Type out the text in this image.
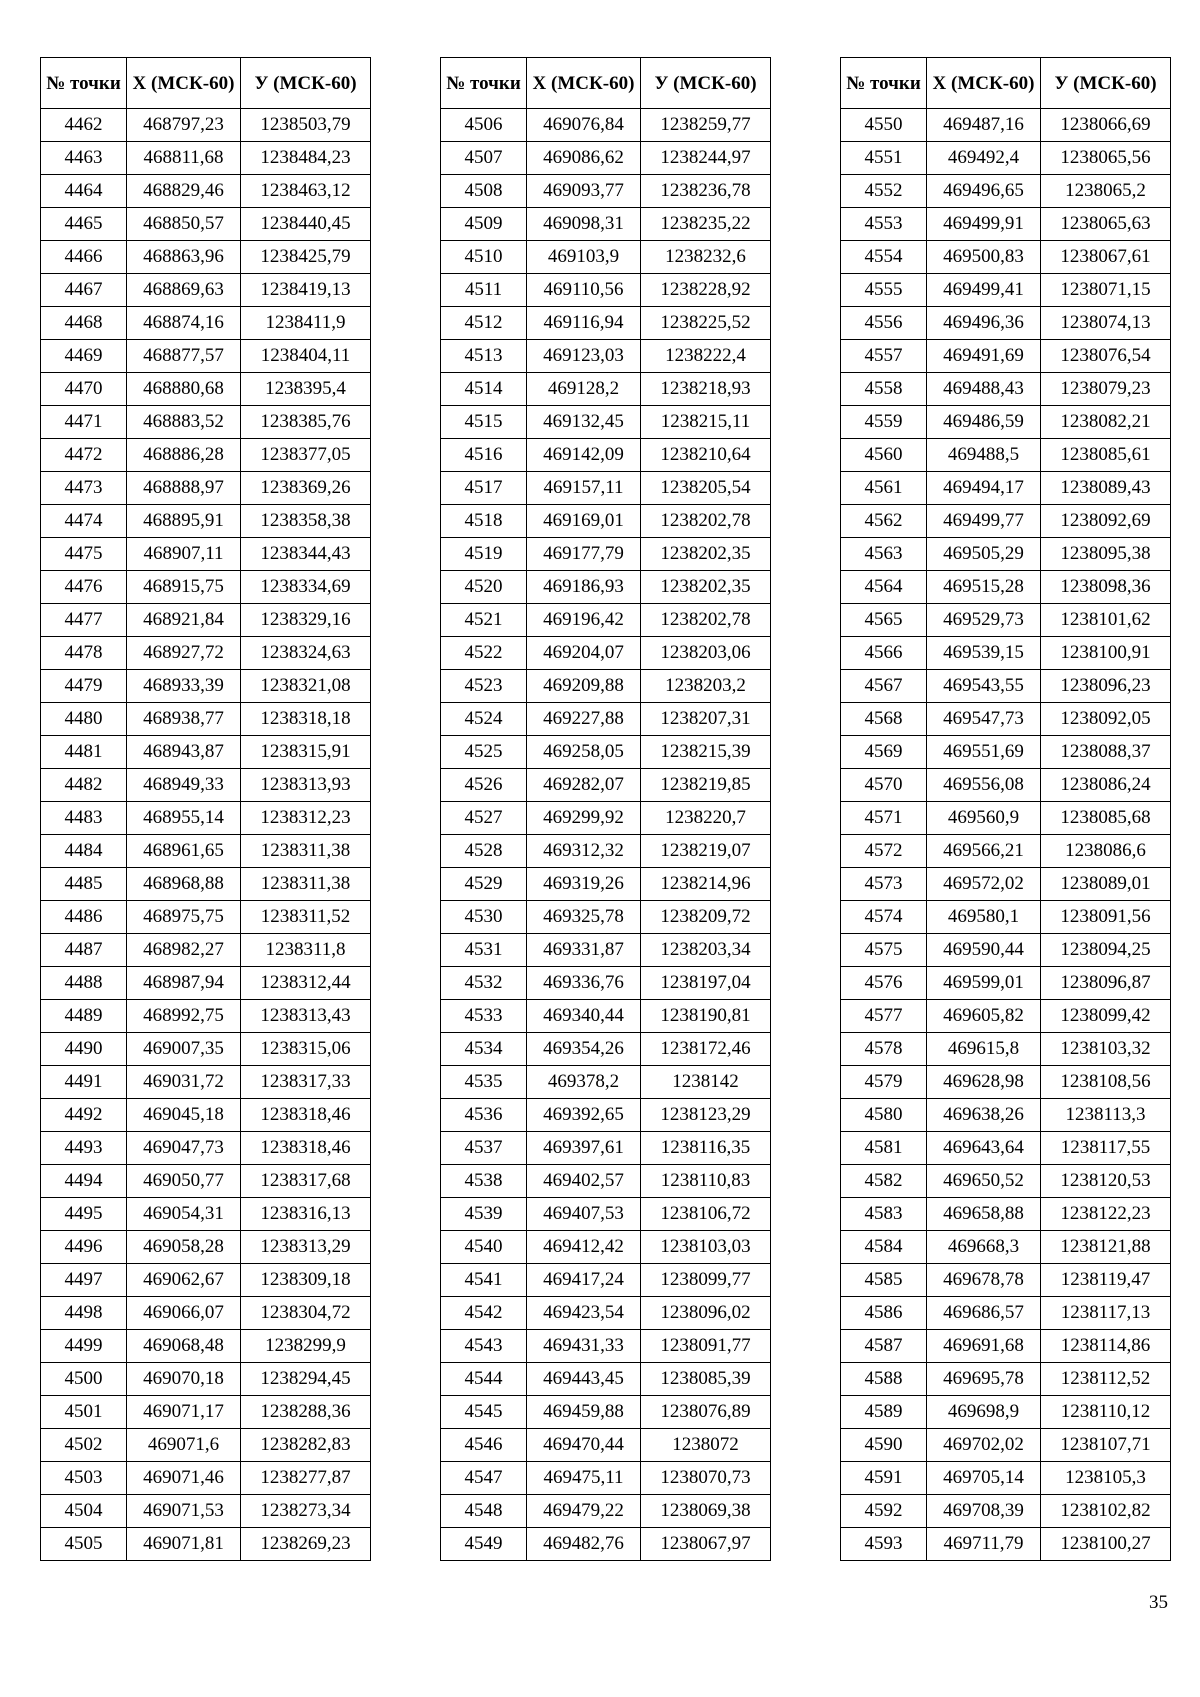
№ точки	X (МСК-60)	У (МСК-60)
4462	468797,23	1238503,79
4463	468811,68	1238484,23
4464	468829,46	1238463,12
4465	468850,57	1238440,45
4466	468863,96	1238425,79
4467	468869,63	1238419,13
4468	468874,16	1238411,9
4469	468877,57	1238404,11
4470	468880,68	1238395,4
4471	468883,52	1238385,76
4472	468886,28	1238377,05
4473	468888,97	1238369,26
4474	468895,91	1238358,38
4475	468907,11	1238344,43
4476	468915,75	1238334,69
4477	468921,84	1238329,16
4478	468927,72	1238324,63
4479	468933,39	1238321,08
4480	468938,77	1238318,18
4481	468943,87	1238315,91
4482	468949,33	1238313,93
4483	468955,14	1238312,23
4484	468961,65	1238311,38
4485	468968,88	1238311,38
4486	468975,75	1238311,52
4487	468982,27	1238311,8
4488	468987,94	1238312,44
4489	468992,75	1238313,43
4490	469007,35	1238315,06
4491	469031,72	1238317,33
4492	469045,18	1238318,46
4493	469047,73	1238318,46
4494	469050,77	1238317,68
4495	469054,31	1238316,13
4496	469058,28	1238313,29
4497	469062,67	1238309,18
4498	469066,07	1238304,72
4499	469068,48	1238299,9
4500	469070,18	1238294,45
4501	469071,17	1238288,36
4502	469071,6	1238282,83
4503	469071,46	1238277,87
4504	469071,53	1238273,34
4505	469071,81	1238269,23
№ точки	X (МСК-60)	У (МСК-60)
4506	469076,84	1238259,77
4507	469086,62	1238244,97
4508	469093,77	1238236,78
4509	469098,31	1238235,22
4510	469103,9	1238232,6
4511	469110,56	1238228,92
4512	469116,94	1238225,52
4513	469123,03	1238222,4
4514	469128,2	1238218,93
4515	469132,45	1238215,11
4516	469142,09	1238210,64
4517	469157,11	1238205,54
4518	469169,01	1238202,78
4519	469177,79	1238202,35
4520	469186,93	1238202,35
4521	469196,42	1238202,78
4522	469204,07	1238203,06
4523	469209,88	1238203,2
4524	469227,88	1238207,31
4525	469258,05	1238215,39
4526	469282,07	1238219,85
4527	469299,92	1238220,7
4528	469312,32	1238219,07
4529	469319,26	1238214,96
4530	469325,78	1238209,72
4531	469331,87	1238203,34
4532	469336,76	1238197,04
4533	469340,44	1238190,81
4534	469354,26	1238172,46
4535	469378,2	1238142
4536	469392,65	1238123,29
4537	469397,61	1238116,35
4538	469402,57	1238110,83
4539	469407,53	1238106,72
4540	469412,42	1238103,03
4541	469417,24	1238099,77
4542	469423,54	1238096,02
4543	469431,33	1238091,77
4544	469443,45	1238085,39
4545	469459,88	1238076,89
4546	469470,44	1238072
4547	469475,11	1238070,73
4548	469479,22	1238069,38
4549	469482,76	1238067,97
№ точки	X (МСК-60)	У (МСК-60)
4550	469487,16	1238066,69
4551	469492,4	1238065,56
4552	469496,65	1238065,2
4553	469499,91	1238065,63
4554	469500,83	1238067,61
4555	469499,41	1238071,15
4556	469496,36	1238074,13
4557	469491,69	1238076,54
4558	469488,43	1238079,23
4559	469486,59	1238082,21
4560	469488,5	1238085,61
4561	469494,17	1238089,43
4562	469499,77	1238092,69
4563	469505,29	1238095,38
4564	469515,28	1238098,36
4565	469529,73	1238101,62
4566	469539,15	1238100,91
4567	469543,55	1238096,23
4568	469547,73	1238092,05
4569	469551,69	1238088,37
4570	469556,08	1238086,24
4571	469560,9	1238085,68
4572	469566,21	1238086,6
4573	469572,02	1238089,01
4574	469580,1	1238091,56
4575	469590,44	1238094,25
4576	469599,01	1238096,87
4577	469605,82	1238099,42
4578	469615,8	1238103,32
4579	469628,98	1238108,56
4580	469638,26	1238113,3
4581	469643,64	1238117,55
4582	469650,52	1238120,53
4583	469658,88	1238122,23
4584	469668,3	1238121,88
4585	469678,78	1238119,47
4586	469686,57	1238117,13
4587	469691,68	1238114,86
4588	469695,78	1238112,52
4589	469698,9	1238110,12
4590	469702,02	1238107,71
4591	469705,14	1238105,3
4592	469708,39	1238102,82
4593	469711,79	1238100,27
35
